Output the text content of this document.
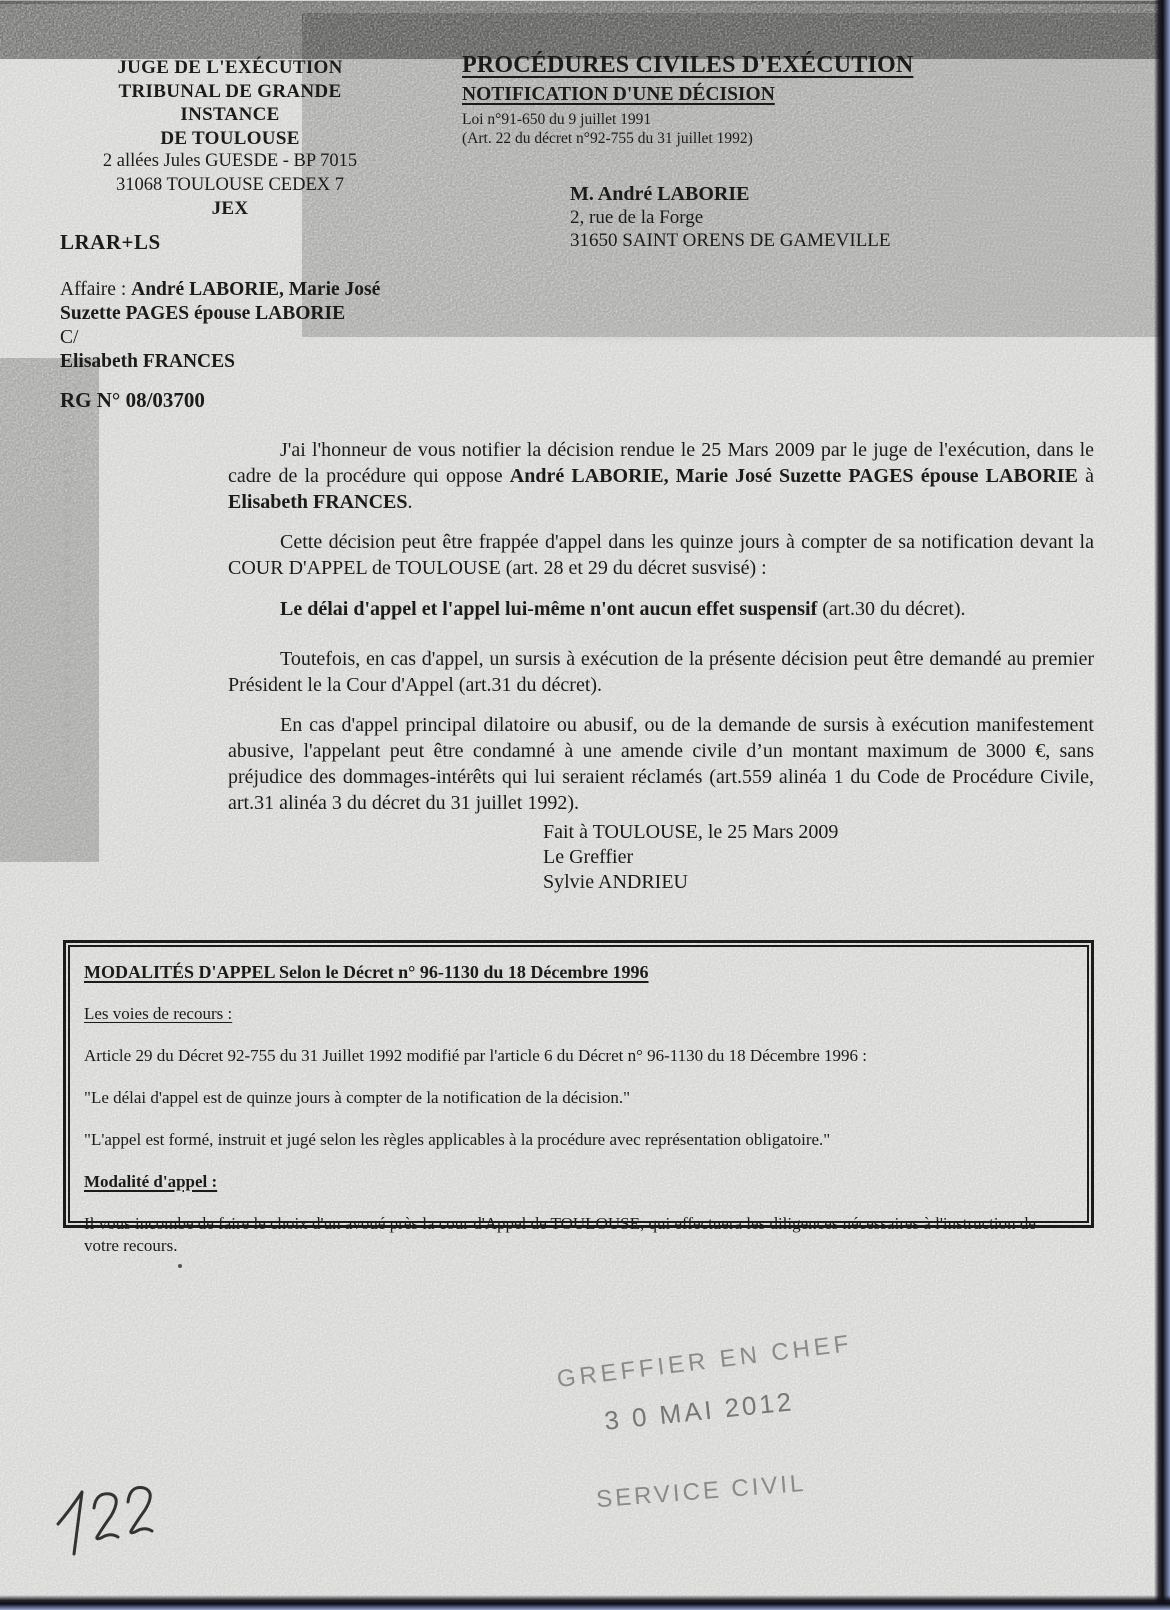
JUGE DE L'EXÉCUTION
TRIBUNAL DE GRANDE
INSTANCE
DE TOULOUSE
2 allées Jules GUESDE - BP 7015
31068 TOULOUSE CEDEX 7
JEX
PROCÉDURES CIVILES D'EXÉCUTION
NOTIFICATION D'UNE DÉCISION
Loi n°91-650 du 9 juillet 1991
(Art. 22 du décret n°92-755 du 31 juillet 1992)
M. André LABORIE
2, rue de la Forge
31650 SAINT ORENS DE GAMEVILLE
LRAR+LS
Affaire : André LABORIE, Marie José
Suzette PAGES épouse LABORIE
C/
Elisabeth FRANCES
RG N° 08/03700
J'ai l'honneur de vous notifier la décision rendue le 25 Mars 2009 par le juge de l'exécution, dans le cadre de la procédure qui oppose André LABORIE, Marie José Suzette PAGES épouse LABORIE à Elisabeth FRANCES.
Cette décision peut être frappée d'appel dans les quinze jours à compter de sa notification devant la COUR D'APPEL de TOULOUSE (art. 28 et 29 du décret susvisé) :
Le délai d'appel et l'appel lui-même n'ont aucun effet suspensif (art.30 du décret).
Toutefois, en cas d'appel, un sursis à exécution de la présente décision peut être demandé au premier Président le la Cour d'Appel (art.31 du décret).
En cas d'appel principal dilatoire ou abusif, ou de la demande de sursis à exécution manifestement abusive, l'appelant peut être condamné à une amende civile d’un montant maximum de 3000 €, sans préjudice des dommages-intérêts qui lui seraient réclamés (art.559 alinéa 1 du Code de Procédure Civile, art.31 alinéa 3 du décret du 31 juillet 1992).
Fait à TOULOUSE, le 25 Mars 2009
Le Greffier
Sylvie ANDRIEU
MODALITÉS D'APPEL Selon le Décret n° 96-1130 du 18 Décembre 1996
Les voies de recours :
Article 29 du Décret 92-755 du 31 Juillet 1992 modifié par l'article 6 du Décret n° 96-1130 du 18 Décembre 1996 :
"Le délai d'appel est de quinze jours à compter de la notification de la décision."
"L'appel est formé, instruit et jugé selon les règles applicables à la procédure avec représentation obligatoire."
Modalité d'appel :
Il vous incombe de faire le choix d'un avoué près la cour d'Appel de TOULOUSE, qui effectuera les diligences nécessaires à l'instruction de votre recours.
GREFFIER EN CHEF
3 0 MAI 2012
SERVICE CIVIL
